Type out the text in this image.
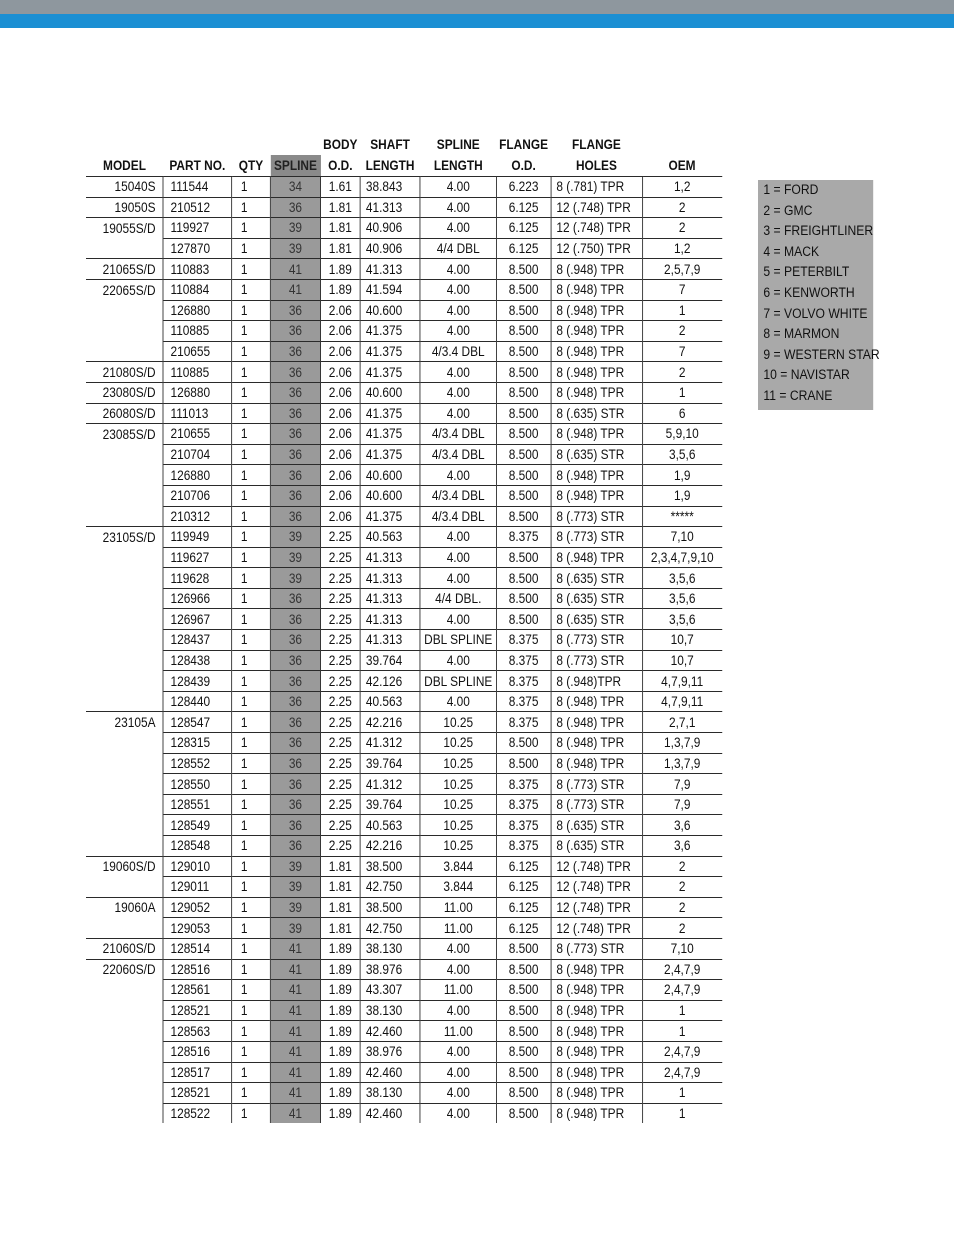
				BODY	SHAFT	SPLINE	FLANGE	FLANGE	
MODEL	PART NO.	QTY	SPLINE	O.D.	LENGTH	LENGTH	O.D.	HOLES	OEM
15040S	111544	1	34	1.61	38.843	4.00	6.223	8 (.781) TPR	1,2
19050S	210512	1	36	1.81	41.313	4.00	6.125	12 (.748) TPR	2
19055S/D	119927	1	39	1.81	40.906	4.00	6.125	12 (.748) TPR	2
	127870	1	39	1.81	40.906	4/4 DBL	6.125	12 (.750) TPR	1,2
21065S/D	110883	1	41	1.89	41.313	4.00	8.500	8 (.948) TPR	2,5,7,9
22065S/D	110884	1	41	1.89	41.594	4.00	8.500	8 (.948) TPR	7
	126880	1	36	2.06	40.600	4.00	8.500	8 (.948) TPR	1
	110885	1	36	2.06	41.375	4.00	8.500	8 (.948) TPR	2
	210655	1	36	2.06	41.375	4/3.4 DBL	8.500	8 (.948) TPR	7
21080S/D	110885	1	36	2.06	41.375	4.00	8.500	8 (.948) TPR	2
23080S/D	126880	1	36	2.06	40.600	4.00	8.500	8 (.948) TPR	1
26080S/D	111013	1	36	2.06	41.375	4.00	8.500	8 (.635) STR	6
23085S/D	210655	1	36	2.06	41.375	4/3.4 DBL	8.500	8 (.948) TPR	5,9,10
	210704	1	36	2.06	41.375	4/3.4 DBL	8.500	8 (.635) STR	3,5,6
	126880	1	36	2.06	40.600	4.00	8.500	8 (.948) TPR	1,9
	210706	1	36	2.06	40.600	4/3.4 DBL	8.500	8 (.948) TPR	1,9
	210312	1	36	2.06	41.375	4/3.4 DBL	8.500	8 (.773) STR	*****
23105S/D	119949	1	39	2.25	40.563	4.00	8.375	8 (.773) STR	7,10
	119627	1	39	2.25	41.313	4.00	8.500	8 (.948) TPR	2,3,4,7,9,10
	119628	1	39	2.25	41.313	4.00	8.500	8 (.635) STR	3,5,6
	126966	1	36	2.25	41.313	4/4 DBL.	8.500	8 (.635) STR	3,5,6
	126967	1	36	2.25	41.313	4.00	8.500	8 (.635) STR	3,5,6
	128437	1	36	2.25	41.313	DBL SPLINE	8.375	8 (.773) STR	10,7
	128438	1	36	2.25	39.764	4.00	8.375	8 (.773) STR	10,7
	128439	1	36	2.25	42.126	DBL SPLINE	8.375	8 (.948)TPR	4,7,9,11
	128440	1	36	2.25	40.563	4.00	8.375	8 (.948) TPR	4,7,9,11
23105A	128547	1	36	2.25	42.216	10.25	8.375	8 (.948) TPR	2,7,1
	128315	1	36	2.25	41.312	10.25	8.500	8 (.948) TPR	1,3,7,9
	128552	1	36	2.25	39.764	10.25	8.500	8 (.948) TPR	1,3,7,9
	128550	1	36	2.25	41.312	10.25	8.375	8 (.773) STR	7,9
	128551	1	36	2.25	39.764	10.25	8.375	8 (.773) STR	7,9
	128549	1	36	2.25	40.563	10.25	8.375	8 (.635) STR	3,6
	128548	1	36	2.25	42.216	10.25	8.375	8 (.635) STR	3,6
19060S/D	129010	1	39	1.81	38.500	3.844	6.125	12 (.748) TPR	2
	129011	1	39	1.81	42.750	3.844	6.125	12 (.748) TPR	2
19060A	129052	1	39	1.81	38.500	11.00	6.125	12 (.748) TPR	2
	129053	1	39	1.81	42.750	11.00	6.125	12 (.748) TPR	2
21060S/D	128514	1	41	1.89	38.130	4.00	8.500	8 (.773) STR	7,10
22060S/D	128516	1	41	1.89	38.976	4.00	8.500	8 (.948) TPR	2,4,7,9
	128561	1	41	1.89	43.307	11.00	8.500	8 (.948) TPR	2,4,7,9
	128521	1	41	1.89	38.130	4.00	8.500	8 (.948) TPR	1
	128563	1	41	1.89	42.460	11.00	8.500	8 (.948) TPR	1
	128516	1	41	1.89	38.976	4.00	8.500	8 (.948) TPR	2,4,7,9
	128517	1	41	1.89	42.460	4.00	8.500	8 (.948) TPR	2,4,7,9
	128521	1	41	1.89	38.130	4.00	8.500	8 (.948) TPR	1
	128522	1	41	1.89	42.460	4.00	8.500	8 (.948) TPR	1
1 = FORD
2 = GMC
3 = FREIGHTLINER
4 = MACK
5 = PETERBILT
6 = KENWORTH
7 = VOLVO WHITE
8 = MARMON
9 = WESTERN STAR
10 = NAVISTAR
11 = CRANE
